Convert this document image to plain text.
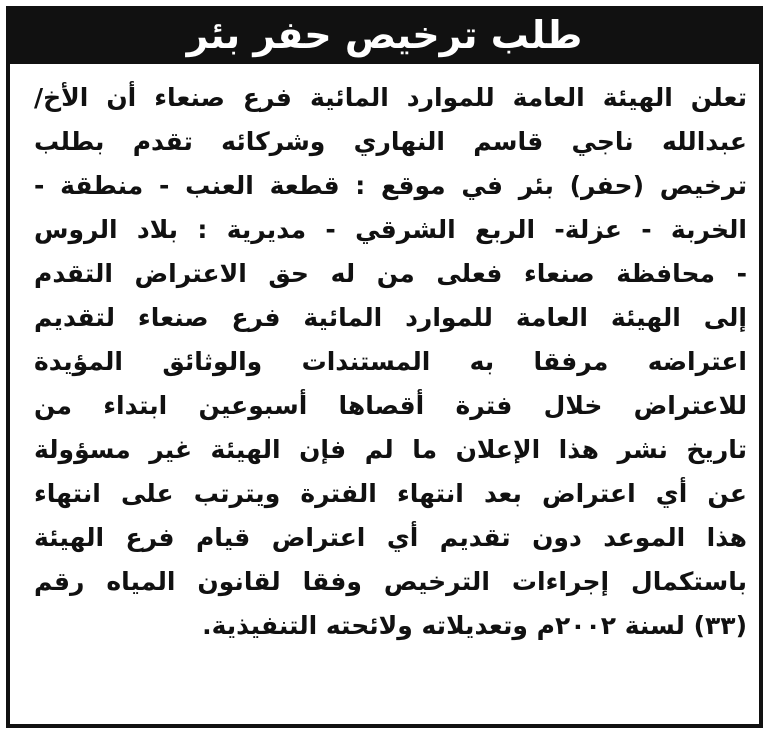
طلب ترخيص حفر بئر
تعلن الهيئة العامة للموارد المائية فرع صنعاء أن الأخ/
عبدالله ناجي قاسم النهاري وشركائه تقدم بطلب
ترخيص (حفر) بئر في موقع : قطعة العنب - منطقة -
الخربة - عزلة- الربع الشرقي - مديرية : بلاد الروس
- محافظة صنعاء فعلى من له حق الاعتراض التقدم
إلى الهيئة العامة للموارد المائية فرع صنعاء لتقديم
اعتراضه مرفقا به المستندات والوثائق المؤيدة
للاعتراض خلال فترة أقصاها أسبوعين ابتداء من
تاريخ نشر هذا الإعلان ما لم فإن الهيئة غير مسؤولة
عن أي اعتراض بعد انتهاء الفترة ويترتب على انتهاء
هذا الموعد دون تقديم أي اعتراض قيام فرع الهيئة
باستكمال إجراءات الترخيص وفقا لقانون المياه رقم
(٣٣) لسنة ٢٠٠٢م وتعديلاته ولائحته التنفيذية.
